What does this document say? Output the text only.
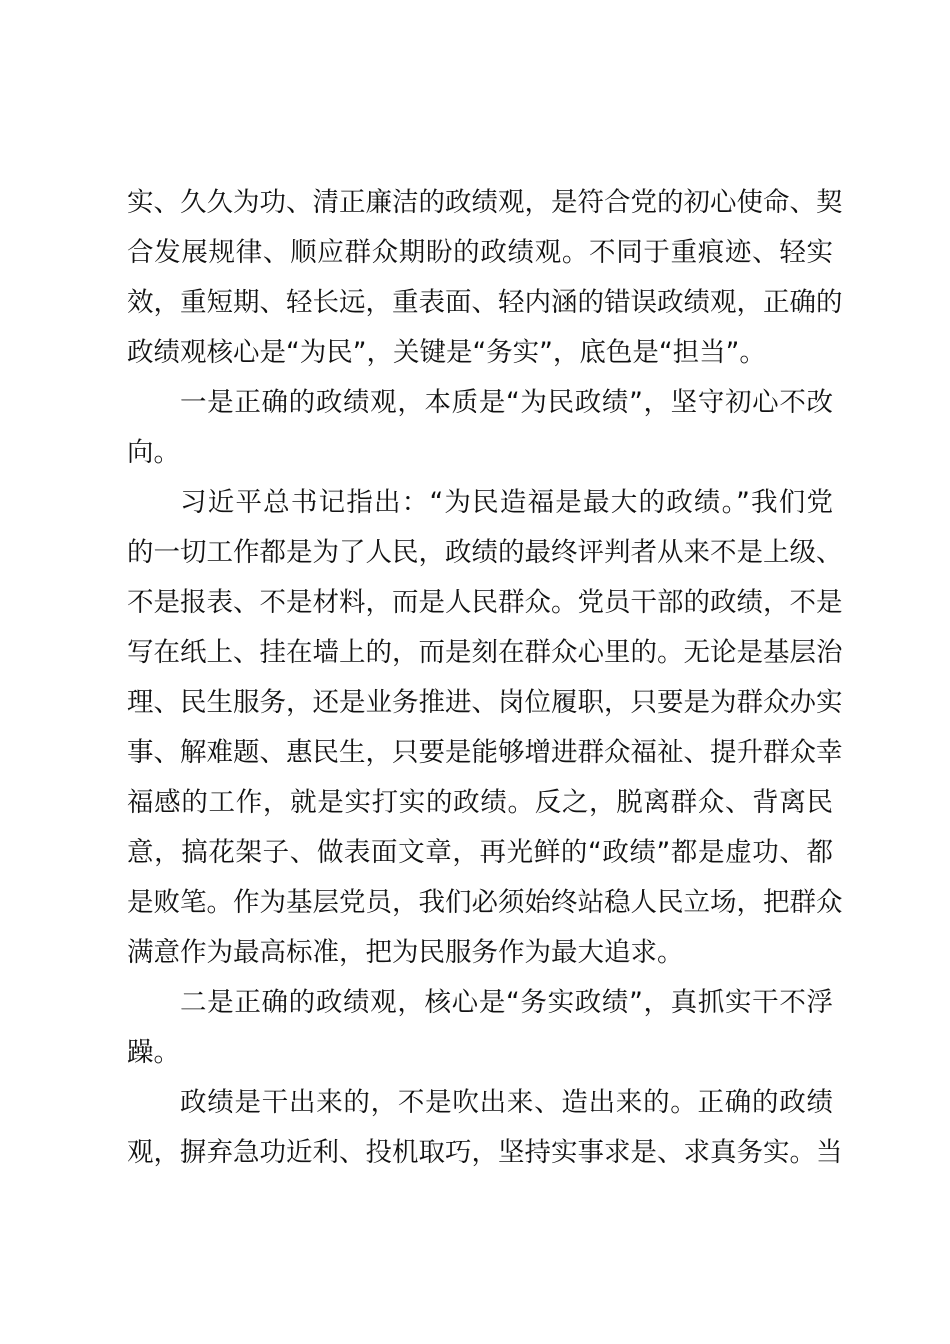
实、久久为功、清正廉洁的政绩观，是符合党的初心使命、契
合发展规律、顺应群众期盼的政绩观。不同于重痕迹、轻实
效，重短期、轻长远，重表面、轻内涵的错误政绩观，正确的
政绩观核心是“为民”，关键是“务实”，底色是“担当”。
一是正确的政绩观，本质是“为民政绩”，坚守初心不改
向。
习近平总书记指出：“为民造福是最大的政绩。”我们党
的一切工作都是为了人民，政绩的最终评判者从来不是上级、
不是报表、不是材料，而是人民群众。党员干部的政绩，不是
写在纸上、挂在墙上的，而是刻在群众心里的。无论是基层治
理、民生服务，还是业务推进、岗位履职，只要是为群众办实
事、解难题、惠民生，只要是能够增进群众福祉、提升群众幸
福感的工作，就是实打实的政绩。反之，脱离群众、背离民
意，搞花架子、做表面文章，再光鲜的“政绩”都是虚功、都
是败笔。作为基层党员，我们必须始终站稳人民立场，把群众
满意作为最高标准，把为民服务作为最大追求。
二是正确的政绩观，核心是“务实政绩”，真抓实干不浮
躁。
政绩是干出来的，不是吹出来、造出来的。正确的政绩
观，摒弃急功近利、投机取巧，坚持实事求是、求真务实。当
